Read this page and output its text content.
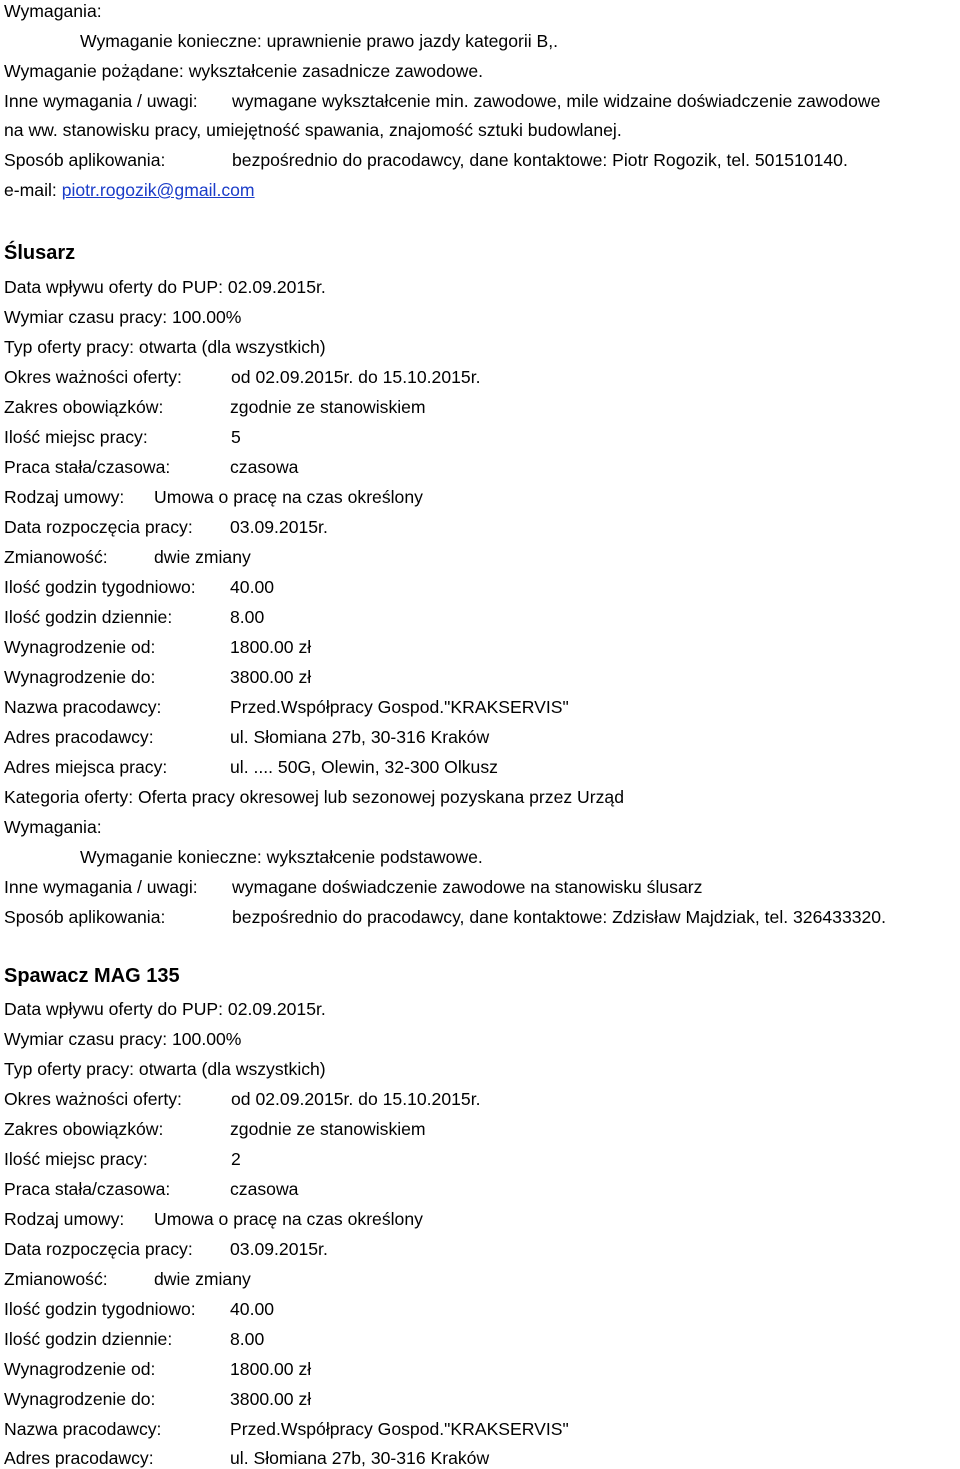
Wymagania:
Wymaganie konieczne: uprawnienie prawo jazdy kategorii B,.
Wymaganie pożądane: wykształcenie zasadnicze zawodowe.
Inne wymagania / uwagi: wymagane wykształcenie min. zawodowe, mile widzaine doświadczenie zawodowe
na ww. stanowisku pracy, umiejętność spawania, znajomość sztuki budowlanej.
Sposób aplikowania:	bezpośrednio do pracodawcy, dane kontaktowe: Piotr Rogozik, tel. 501510140.
e-mail: piotr.rogozik@gmail.com
Ślusarz
Data wpływu oferty do PUP: 02.09.2015r.
Wymiar czasu pracy: 100.00%
Typ oferty pracy: otwarta (dla wszystkich)
Okres ważności oferty:	od 02.09.2015r. do 15.10.2015r.
Zakres obowiązków:	zgodnie ze stanowiskiem
Ilość miejsc pracy:	5
Praca stała/czasowa:	czasowa
Rodzaj umowy: Umowa o pracę na czas określony
Data rozpoczęcia pracy: 03.09.2015r.
Zmianowość:	dwie zmiany
Ilość godzin tygodniowo: 40.00
Ilość godzin dziennie:	8.00
Wynagrodzenie od:	1800.00 zł
Wynagrodzenie do:	3800.00 zł
Nazwa pracodawcy:	Przed.Współpracy Gospod."KRAKSERVIS"
Adres pracodawcy:	ul. Słomiana 27b, 30-316 Kraków
Adres miejsca pracy:	ul. .... 50G, Olewin, 32-300 Olkusz
Kategoria oferty: Oferta pracy okresowej lub sezonowej pozyskana przez Urząd
Wymagania:
Wymaganie konieczne: wykształcenie podstawowe.
Inne wymagania / uwagi: wymagane doświadczenie zawodowe na stanowisku ślusarz
Sposób aplikowania:	bezpośrednio do pracodawcy, dane kontaktowe: Zdzisław Majdziak, tel. 326433320.
Spawacz MAG 135
Data wpływu oferty do PUP: 02.09.2015r.
Wymiar czasu pracy: 100.00%
Typ oferty pracy: otwarta (dla wszystkich)
Okres ważności oferty:	od 02.09.2015r. do 15.10.2015r.
Zakres obowiązków:	zgodnie ze stanowiskiem
Ilość miejsc pracy:	2
Praca stała/czasowa:	czasowa
Rodzaj umowy: Umowa o pracę na czas określony
Data rozpoczęcia pracy: 03.09.2015r.
Zmianowość:	dwie zmiany
Ilość godzin tygodniowo: 40.00
Ilość godzin dziennie:	8.00
Wynagrodzenie od:	1800.00 zł
Wynagrodzenie do:	3800.00 zł
Nazwa pracodawcy:	Przed.Współpracy Gospod."KRAKSERVIS"
Adres pracodawcy:	ul. Słomiana 27b, 30-316 Kraków
